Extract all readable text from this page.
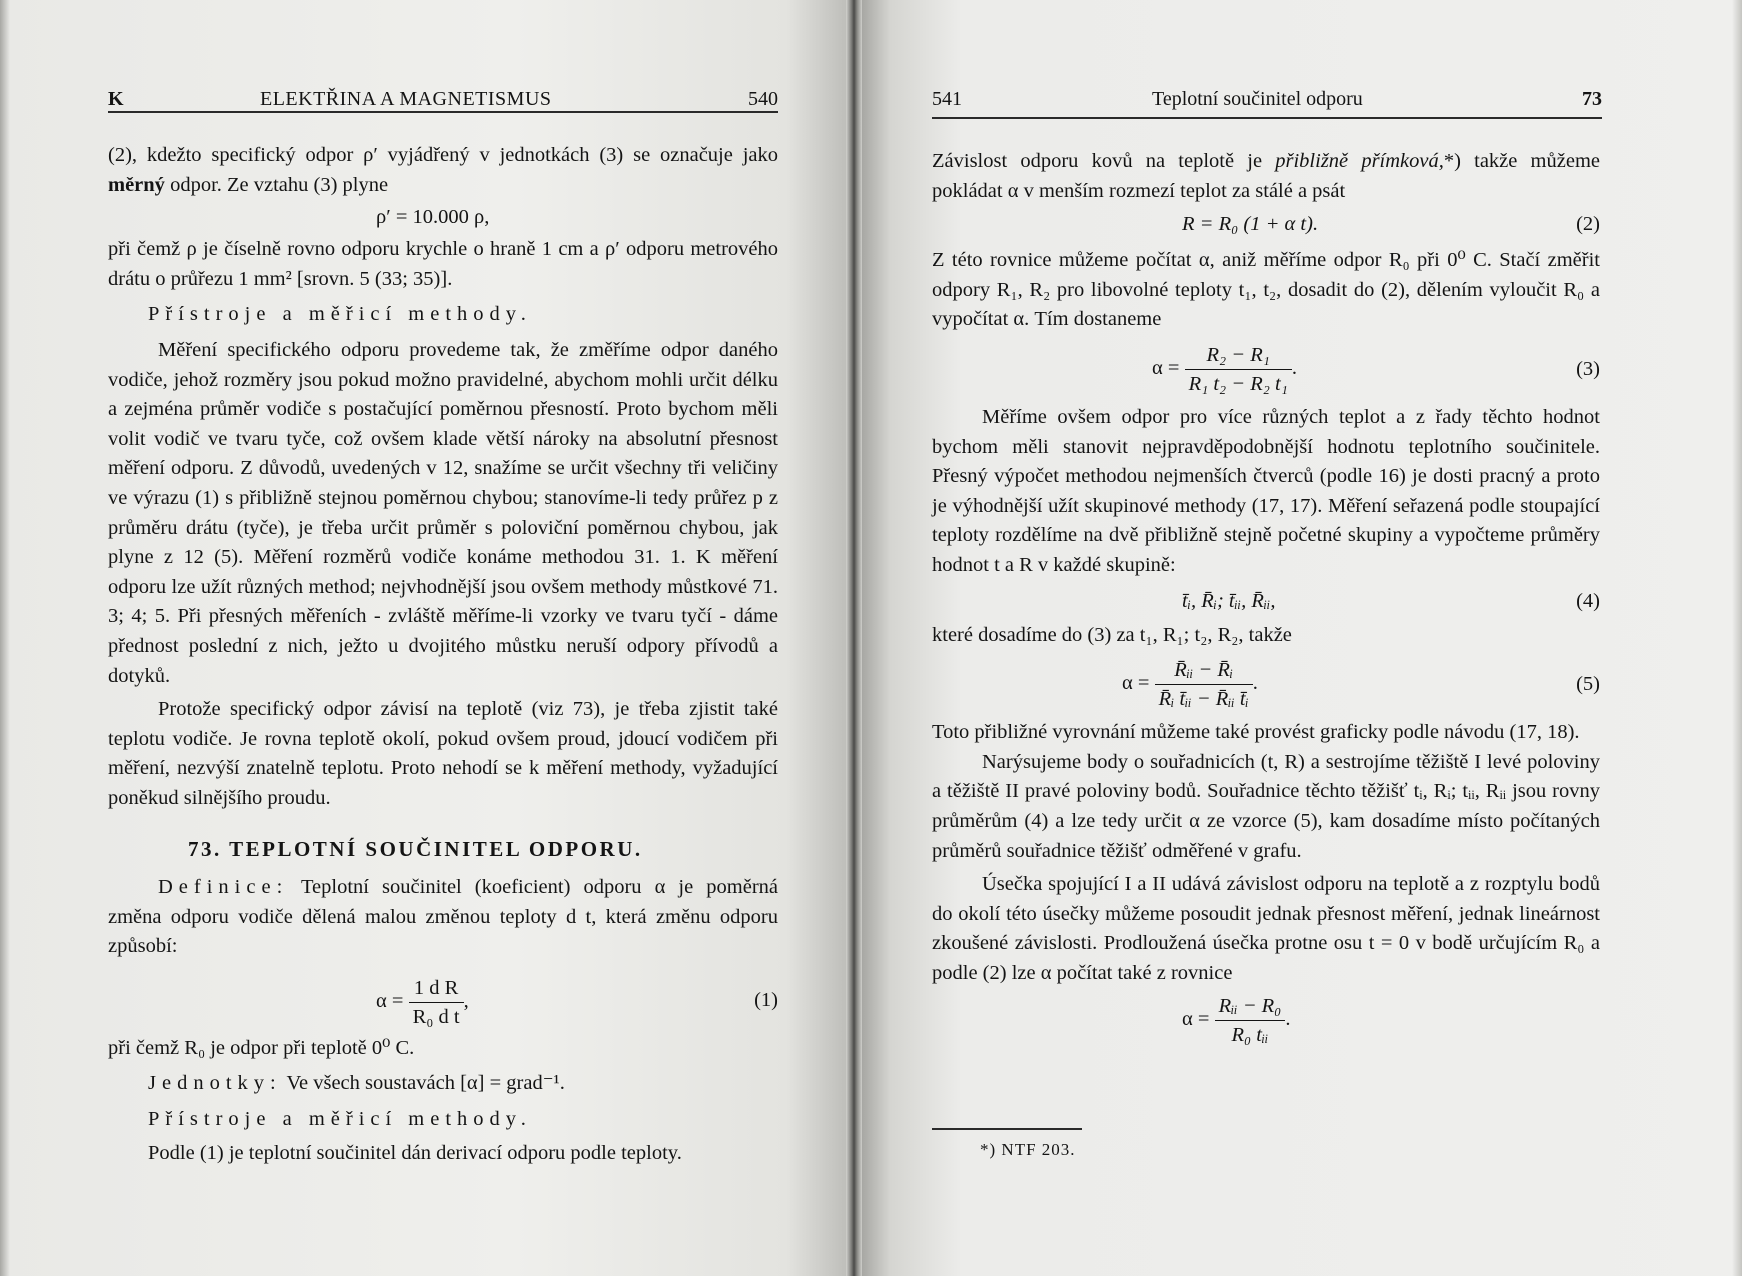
K	ELEKTŘINA A MAGNETISMUS	540	541	Teplotní součinitel odporu	73
(2), kdežto specifický odpor ρ′ vyjádřený v jednotkách (3) se označuje jako měrný odpor. Ze vztahu (3) plyne
ρ′ = 10.000 ρ,
při čemž ρ je číselně rovno odporu krychle o hraně 1 cm a ρ′ odporu metrového drátu o průřezu 1 mm² [srovn. 5 (33; 35)].
Přístroje a měřicí methody.
Měření specifického odporu provedeme tak, že změříme odpor daného vodiče, jehož rozměry jsou pokud možno pravidelné, abychom mohli určit délku a zejména průměr vodiče s postačující poměrnou přesností. Proto bychom měli volit vodič ve tvaru tyče, což ovšem klade větší nároky na absolutní přesnost měření odporu. Z důvodů, uvedených v 12, snažíme se určit všechny tři veličiny ve výrazu (1) s přibližně stejnou poměrnou chybou; stanovíme-li tedy průřez p z průměru drátu (tyče), je třeba určit průměr s poloviční poměrnou chybou, jak plyne z 12 (5). Měření rozměrů vodiče konáme methodou 31. 1. K měření odporu lze užít různých method; nejvhodnější jsou ovšem methody můstkové 71. 3; 4; 5. Při přesných měřeních - zvláště měříme-li vzorky ve tvaru tyčí - dáme přednost poslední z nich, ježto u dvojitého můstku neruší odpory přívodů a dotyků.
Protože specifický odpor závisí na teplotě (viz 73), je třeba zjistit také teplotu vodiče. Je rovna teplotě okolí, pokud ovšem proud, jdoucí vodičem při měření, nezvýší znatelně teplotu. Proto nehodí se k měření methody, vyžadující poněkud silnějšího proudu.
73. TEPLOTNÍ SOUČINITEL ODPORU.
Definice: Teplotní součinitel (koeficient) odporu α je poměrná změna odporu vodiče dělená malou změnou teploty d t, která změnu odporu způsobí:
$\alpha = \frac{\text{1 d R}}{\text{R₀ d t}}$ ,	(1)
při čemž R₀ je odpor při teplotě 0⁰ C.
Jednotky: Ve všech soustavách [α] = grad⁻¹.
Přístroje a měřicí methody.
Podle (1) je teplotní součinitel dán derivací odporu podle teploty.
Závislost odporu kovů na teplotě je přibližně přímková,*) takže můžeme pokládat α v menším rozmezí teplot za stálé a psát
R = R₀ (1 + α t).	(2)
Z této rovnice můžeme počítat α, aniž měříme odpor R₀ při 0⁰ C. Stačí změřit odpory R₁, R₂ pro libovolné teploty t₁, t₂, dosadit do (2), dělením vyloučit R₀ a vypočítat α. Tím dostaneme
$\alpha = \frac{\text{R₂ − R₁}}{\text{R₁ t₂ − R₂ t₁}}$ .	(3)
Měříme ovšem odpor pro více různých teplot a z řady těchto hodnot bychom měli stanovit nejpravděpodobnější hodnotu teplotního součinitele. Přesný výpočet methodou nejmenších čtverců (podle 16) je dosti pracný a proto je výhodnější užít skupinové methody (17, 17). Měření seřazená podle stoupající teploty rozdělíme na dvě přibližně stejně početné skupiny a vypočteme průměry hodnot t a R v každé skupině:
t̄ᵢ, R̄ᵢ; t̄ᵢᵢ, R̄ᵢᵢ,	(4)
které dosadíme do (3) za t₁, R₁; t₂, R₂, takže
$\alpha = \frac{\text{R̄ᵢᵢ − R̄ᵢ}}{\text{R̄ᵢ t̄ᵢᵢ − R̄ᵢᵢ t̄ᵢ}}$ .	(5)
Toto přibližné vyrovnání můžeme také provést graficky podle návodu (17, 18).
Narýsujeme body o souřadnicích (t, R) a sestrojíme těžiště I levé poloviny a těžiště II pravé poloviny bodů. Souřadnice těchto těžišť tᵢ, Rᵢ; tᵢᵢ, Rᵢᵢ jsou rovny průměrům (4) a lze tedy určit α ze vzorce (5), kam dosadíme místo počítaných průměrů souřadnice těžišť odměřené v grafu.
Úsečka spojující I a II udává závislost odporu na teplotě a z rozptylu bodů do okolí této úsečky můžeme posoudit jednak přesnost měření, jednak lineárnost zkoušené závislosti. Prodloužená úsečka protne osu t = 0 v bodě určujícím R₀ a podle (2) lze α počítat také z rovnice
$\alpha = \frac{\text{Rᵢᵢ − R₀}}{\text{R₀ tᵢᵢ}}$ .
*) NTF 203.
